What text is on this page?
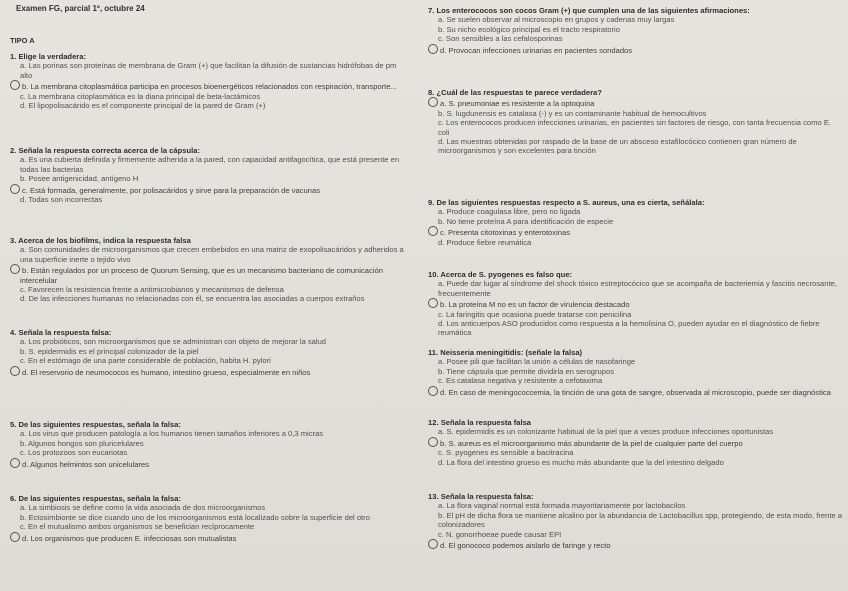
Examen FG, parcial 1º, octubre 24
TIPO A
1. Elige la verdadera:
a. Las porinas son proteínas de membrana de Gram (+) que facilitan la difusión de sustancias hidrófobas de pm alto
b. La membrana citoplasmática participa en procesos bioenergéticos relacionados con respiración, transporte...
c. La membrana citoplasmática es la diana principal de beta-lactámicos
d. El lipopolisacárido es el componente principal de la pared de Gram (+)
2. Señala la respuesta correcta acerca de la cápsula:
a. Es una cubierta definida y firmemente adherida a la pared, con capacidad antifagocítica, que está presente en todas las bacterias
b. Posee antigenicidad, antígeno H
c. Está formada, generalmente, por polisacáridos y sirve para la preparación de vacunas
d. Todas son incorrectas
3. Acerca de los biofilms, indica la respuesta falsa
a. Son comunidades de microorganismos que crecen embebidos en una matriz de exopolisacáridos y adheridos a una superficie inerte o tejido vivo
b. Están regulados por un proceso de Quorum Sensing, que es un mecanismo bacteriano de comunicación intercelular
c. Favorecen la resistencia frente a antimicrobianos y mecanismos de defensa
d. De las infecciones humanas no relacionadas con él, se encuentra las asociadas a cuerpos extraños
4. Señala la respuesta falsa:
a. Los probióticos, son microorganismos que se administran con objeto de mejorar la salud
b. S. epidermidis es el principal colonizador de la piel
c. En el estómago de una parte considerable de población, habita H. pylori
d. El reservorio de neumococos es humano, intestino grueso, especialmente en niños
5. De las siguientes respuestas, señala la falsa:
a. Los virus que producen patología a los humanos tienen tamaños inferiores a 0,3 micras
b. Algunos hongos son pluricelulares
c. Los protozoos son eucariotas
d. Algunos helmintos son unicelulares
6. De las siguientes respuestas, señala la falsa:
a. La simbiosis se define como la vida asociada de dos microorganismos
b. Ectosimbionte se dice cuando uno de los microorganismos está localizado sobre la superficie del otro
c. En el mutualismo ambos organismos se benefician recíprocamente
d. Los organismos que producen E. infecciosas son mutualistas
7. Los enterococos son cocos Gram (+) que cumplen una de las siguientes afirmaciones:
a. Se suelen observar al microscopio en grupos y cadenas muy largas
b. Su nicho ecológico principal es el tracto respiratorio
c. Son sensibles a las cefalosporinas
d. Provocan infecciones urinarias en pacientes sondados
8. ¿Cuál de las respuestas te parece verdadera?
a. S. pneumoniae es resistente a la optoquina
b. S. lugdunensis es catalasa (-) y es un contaminante habitual de hemocultivos
c. Los enterococos producen infecciones urinarias, en pacientes sin factores de riesgo, con tanta frecuencia como E. coli
d. Las muestras obtenidas por raspado de la base de un absceso estafilocócico contienen gran número de microorganismos y son excelentes para tinción
9. De las siguientes respuestas respecto a S. aureus, una es cierta, señálala:
a. Produce coagulasa libre, pero no ligada
b. No tiene proteína A para identificación de especie
c. Presenta citotoxinas y enterotoxinas
d. Produce fiebre reumática
10. Acerca de S. pyogenes es falso que:
a. Puede dar lugar al síndrome del shock tóxico estreptocócico que se acompaña de bacteriemia y fascitis necrosante, frecuentemente
b. La proteína M no es un factor de virulencia destacado
c. La faringitis que ocasiona puede tratarse con penicilina
d. Los anticuerpos ASO producidos como respuesta a la hemolisina O, pueden ayudar en el diagnóstico de fiebre reumática
11. Neisseria meningitidis: (señale la falsa)
a. Posee pili que facilitan la unión a células de nasofaringe
b. Tiene cápsula que permite dividirla en serogrupos
c. Es catalasa negativa y resistente a cefotaxima
d. En caso de meningococcemia, la tinción de una gota de sangre, observada al microscopio, puede ser diagnóstica
12. Señala la respuesta falsa
a. S. epidermidis es un colonizante habitual de la piel que a veces produce infecciones oportunistas
b. S. aureus es el microorganismo más abundante de la piel de cualquier parte del cuerpo
c. S. pyogenes es sensible a bacitracina
d. La flora del intestino grueso es mucho más abundante que la del intestino delgado
13. Señala la respuesta falsa:
a. La flora vaginal normal está formada mayoritariamente por lactobacilos
b. El pH de dicha flora se mantiene alcalino por la abundancia de Lactobacillus spp, protegiendo, de esta modo, frente a colonizadores
c. N. gonorrhoeae puede causar EPI
d. El gonococo podemos aislarlo de faringe y recto
